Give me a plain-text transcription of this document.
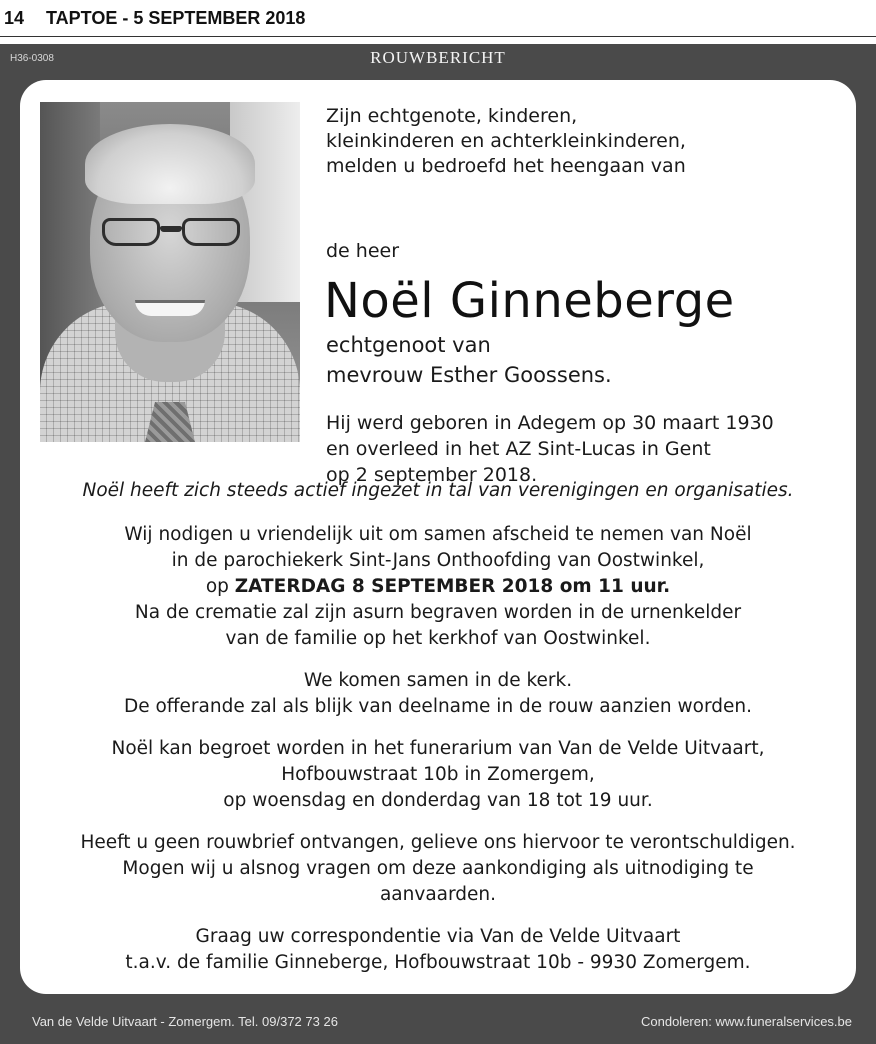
14 TAPTOE - 5 SEPTEMBER 2018
H36-0308	ROUWBERICHT
Zijn echtgenote, kinderen,
kleinkinderen en achterkleinkinderen,
melden u bedroefd het heengaan van
de heer
Noël Ginneberge
echtgenoot van
mevrouw Esther Goossens.
Hij werd geboren in Adegem op 30 maart 1930
en overleed in het AZ Sint-Lucas in Gent
op 2 september 2018.
Noël heeft zich steeds actief ingezet in tal van verenigingen en organisaties.
Wij nodigen u vriendelijk uit om samen afscheid te nemen van Noël
in de parochiekerk Sint-Jans Onthoofding van Oostwinkel,
op ZATERDAG 8 SEPTEMBER 2018 om 11 uur.
Na de crematie zal zijn asurn begraven worden in de urnenkelder
van de familie op het kerkhof van Oostwinkel.
We komen samen in de kerk.
De offerande zal als blijk van deelname in de rouw aanzien worden.
Noël kan begroet worden in het funerarium van Van de Velde Uitvaart,
Hofbouwstraat 10b in Zomergem,
op woensdag en donderdag van 18 tot 19 uur.
Heeft u geen rouwbrief ontvangen, gelieve ons hiervoor te verontschuldigen.
Mogen wij u alsnog vragen om deze aankondiging als uitnodiging te
aanvaarden.
Graag uw correspondentie via Van de Velde Uitvaart
t.a.v. de familie Ginneberge, Hofbouwstraat 10b - 9930 Zomergem.
Van de Velde Uitvaart - Zomergem. Tel. 09/372 73 26	Condoleren: www.funeralservices.be
